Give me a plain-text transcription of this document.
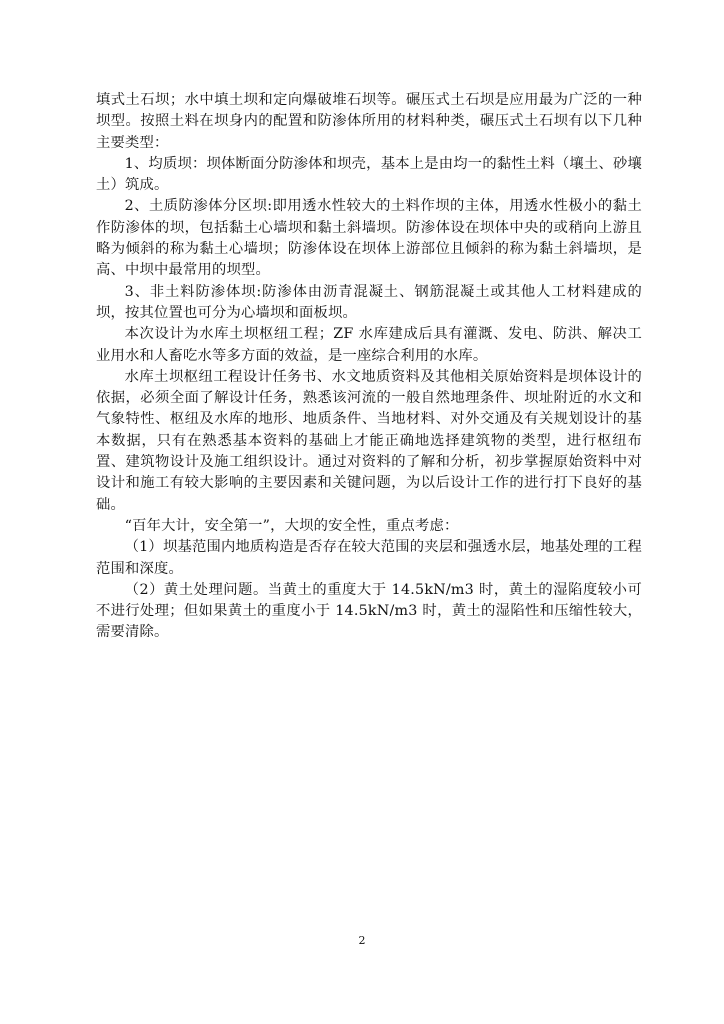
填式土石坝；水中填土坝和定向爆破堆石坝等。碾压式土石坝是应用最为广泛的一种坝型。按照土料在坝身内的配置和防渗体所用的材料种类，碾压式土石坝有以下几种主要类型：

1、均质坝：坝体断面分防渗体和坝壳，基本上是由均一的黏性土料（壤土、砂壤土）筑成。

2、土质防渗体分区坝:即用透水性较大的土料作坝的主体，用透水性极小的黏土作防渗体的坝，包括黏土心墙坝和黏土斜墙坝。防渗体设在坝体中央的或稍向上游且略为倾斜的称为黏土心墙坝；防渗体设在坝体上游部位且倾斜的称为黏土斜墙坝，是高、中坝中最常用的坝型。

3、非土料防渗体坝:防渗体由沥青混凝土、钢筋混凝土或其他人工材料建成的坝，按其位置也可分为心墙坝和面板坝。

本次设计为水库土坝枢纽工程；ZF 水库建成后具有灌溉、发电、防洪、解决工业用水和人畜吃水等多方面的效益，是一座综合利用的水库。

水库土坝枢纽工程设计任务书、水文地质资料及其他相关原始资料是坝体设计的依据，必须全面了解设计任务，熟悉该河流的一般自然地理条件、坝址附近的水文和气象特性、枢纽及水库的地形、地质条件、当地材料、对外交通及有关规划设计的基本数据，只有在熟悉基本资料的基础上才能正确地选择建筑物的类型，进行枢纽布置、建筑物设计及施工组织设计。通过对资料的了解和分析，初步掌握原始资料中对设计和施工有较大影响的主要因素和关键问题，为以后设计工作的进行打下良好的基础。

“百年大计，安全第一”，大坝的安全性，重点考虑：

（1）坝基范围内地质构造是否存在较大范围的夹层和强透水层，地基处理的工程范围和深度。

（2）黄土处理问题。当黄土的重度大于 14.5kN/m3 时，黄土的湿陷度较小可不进行处理；但如果黄土的重度小于 14.5kN/m3 时，黄土的湿陷性和压缩性较大，需要清除。

2
